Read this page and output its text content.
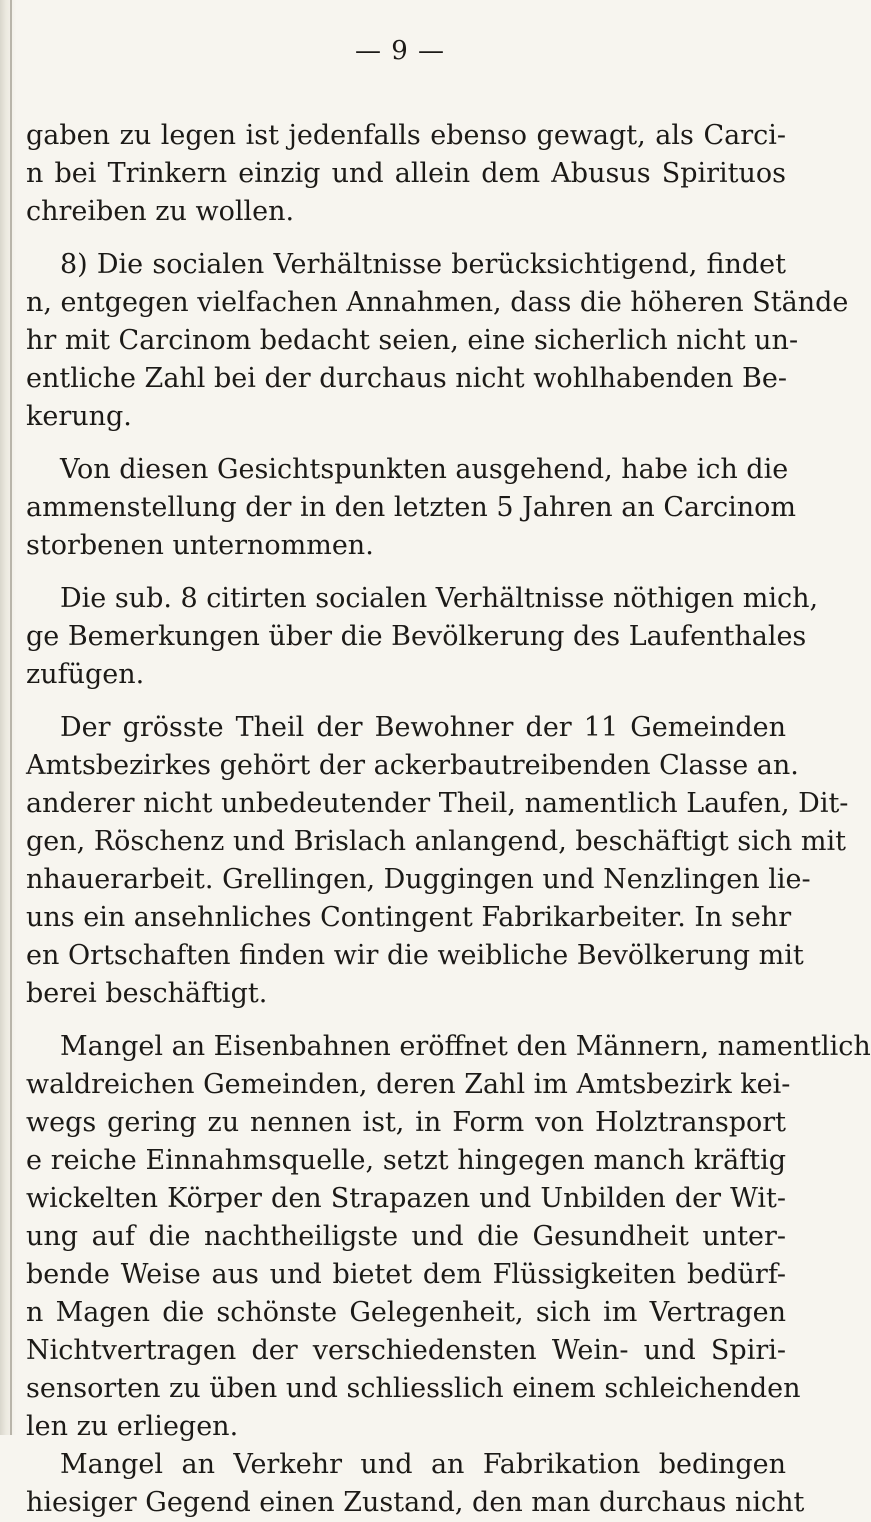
— 9 —
gaben zu legen ist jedenfalls ebenso gewagt, als Carci-
n bei Trinkern einzig und allein dem Abusus Spirituos
chreiben zu wollen.
8) Die socialen Verhältnisse berücksichtigend, findet
n, entgegen vielfachen Annahmen, dass die höheren Stände
hr mit Carcinom bedacht seien, eine sicherlich nicht un-
entliche Zahl bei der durchaus nicht wohlhabenden Be-
kerung.
Von diesen Gesichtspunkten ausgehend, habe ich die
ammenstellung der in den letzten 5 Jahren an Carcinom
storbenen unternommen.
Die sub. 8 citirten socialen Verhältnisse nöthigen mich,
ge Bemerkungen über die Bevölkerung des Laufenthales
zufügen.
Der grösste Theil der Bewohner der 11 Gemeinden
Amtsbezirkes gehört der ackerbautreibenden Classe an.
anderer nicht unbedeutender Theil, namentlich Laufen, Dit-
gen, Röschenz und Brislach anlangend, beschäftigt sich mit
nhauerarbeit. Grellingen, Duggingen und Nenzlingen lie-
uns ein ansehnliches Contingent Fabrikarbeiter. In sehr
en Ortschaften finden wir die weibliche Bevölkerung mit
berei beschäftigt.
Mangel an Eisenbahnen eröffnet den Männern, namentlich
waldreichen Gemeinden, deren Zahl im Amtsbezirk kei-
wegs gering zu nennen ist, in Form von Holztransport
e reiche Einnahmsquelle, setzt hingegen manch kräftig
wickelten Körper den Strapazen und Unbilden der Wit-
ung auf die nachtheiligste und die Gesundheit unter-
bende Weise aus und bietet dem Flüssigkeiten bedürf-
n Magen die schönste Gelegenheit, sich im Vertragen
Nichtvertragen der verschiedensten Wein- und Spiri-
sensorten zu üben und schliesslich einem schleichenden
len zu erliegen.
Mangel an Verkehr und an Fabrikation bedingen
hiesiger Gegend einen Zustand, den man durchaus nicht
